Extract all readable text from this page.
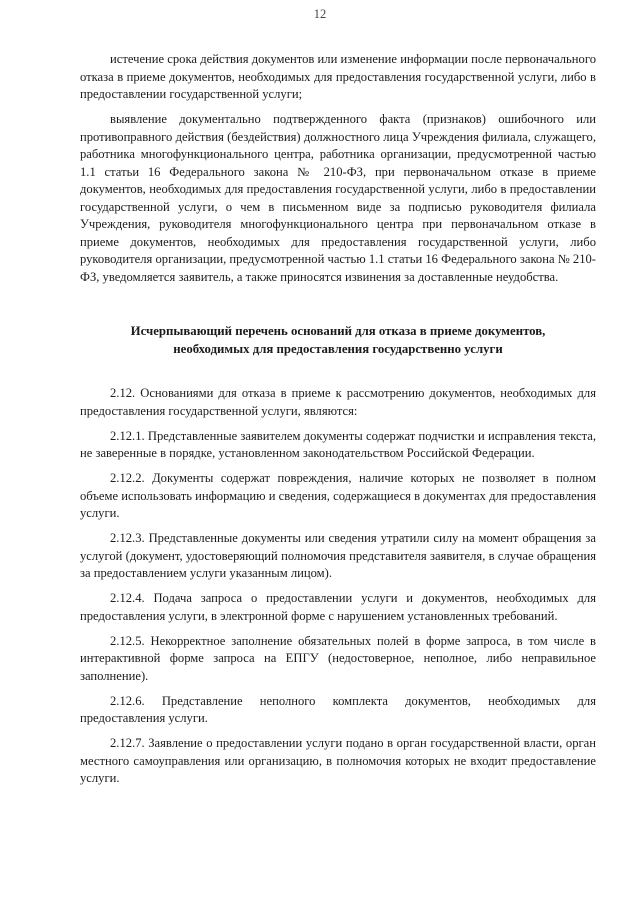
12

истечение срока действия документов или изменение информации после первоначального отказа в приеме документов, необходимых для предоставления государственной услуги, либо в предоставлении государственной услуги;

выявление документально подтвержденного факта (признаков) ошибочного или противоправного действия (бездействия) должностного лица Учреждения филиала, служащего, работника многофункционального центра, работника организации, предусмотренной частью 1.1 статьи 16 Федерального закона № 210-ФЗ, при первоначальном отказе в приеме документов, необходимых для предоставления государственной услуги, либо в предоставлении государственной услуги, о чем в письменном виде за подписью руководителя филиала Учреждения, руководителя многофункционального центра при первоначальном отказе в приеме документов, необходимых для предоставления государственной услуги, либо руководителя организации, предусмотренной частью 1.1 статьи 16 Федерального закона № 210-ФЗ, уведомляется заявитель, а также приносятся извинения за доставленные неудобства.

Исчерпывающий перечень оснований для отказа в приеме документов,
необходимых для предоставления государственно услуги

2.12. Основаниями для отказа в приеме к рассмотрению документов, необходимых для предоставления государственной услуги, являются:

2.12.1. Представленные заявителем документы содержат подчистки и исправления текста, не заверенные в порядке, установленном законодательством Российской Федерации.

2.12.2. Документы содержат повреждения, наличие которых не позволяет в полном объеме использовать информацию и сведения, содержащиеся в документах для предоставления услуги.

2.12.3. Представленные документы или сведения утратили силу на момент обращения за услугой (документ, удостоверяющий полномочия представителя заявителя, в случае обращения за предоставлением услуги указанным лицом).

2.12.4. Подача запроса о предоставлении услуги и документов, необходимых для предоставления услуги, в электронной форме с нарушением установленных требований.

2.12.5. Некорректное заполнение обязательных полей в форме запроса, в том числе в интерактивной форме запроса на ЕПГУ (недостоверное, неполное, либо неправильное заполнение).

2.12.6. Представление неполного комплекта документов, необходимых для предоставления услуги.

2.12.7. Заявление о предоставлении услуги подано в орган государственной власти, орган местного самоуправления или организацию, в полномочия которых не входит предоставление услуги.
